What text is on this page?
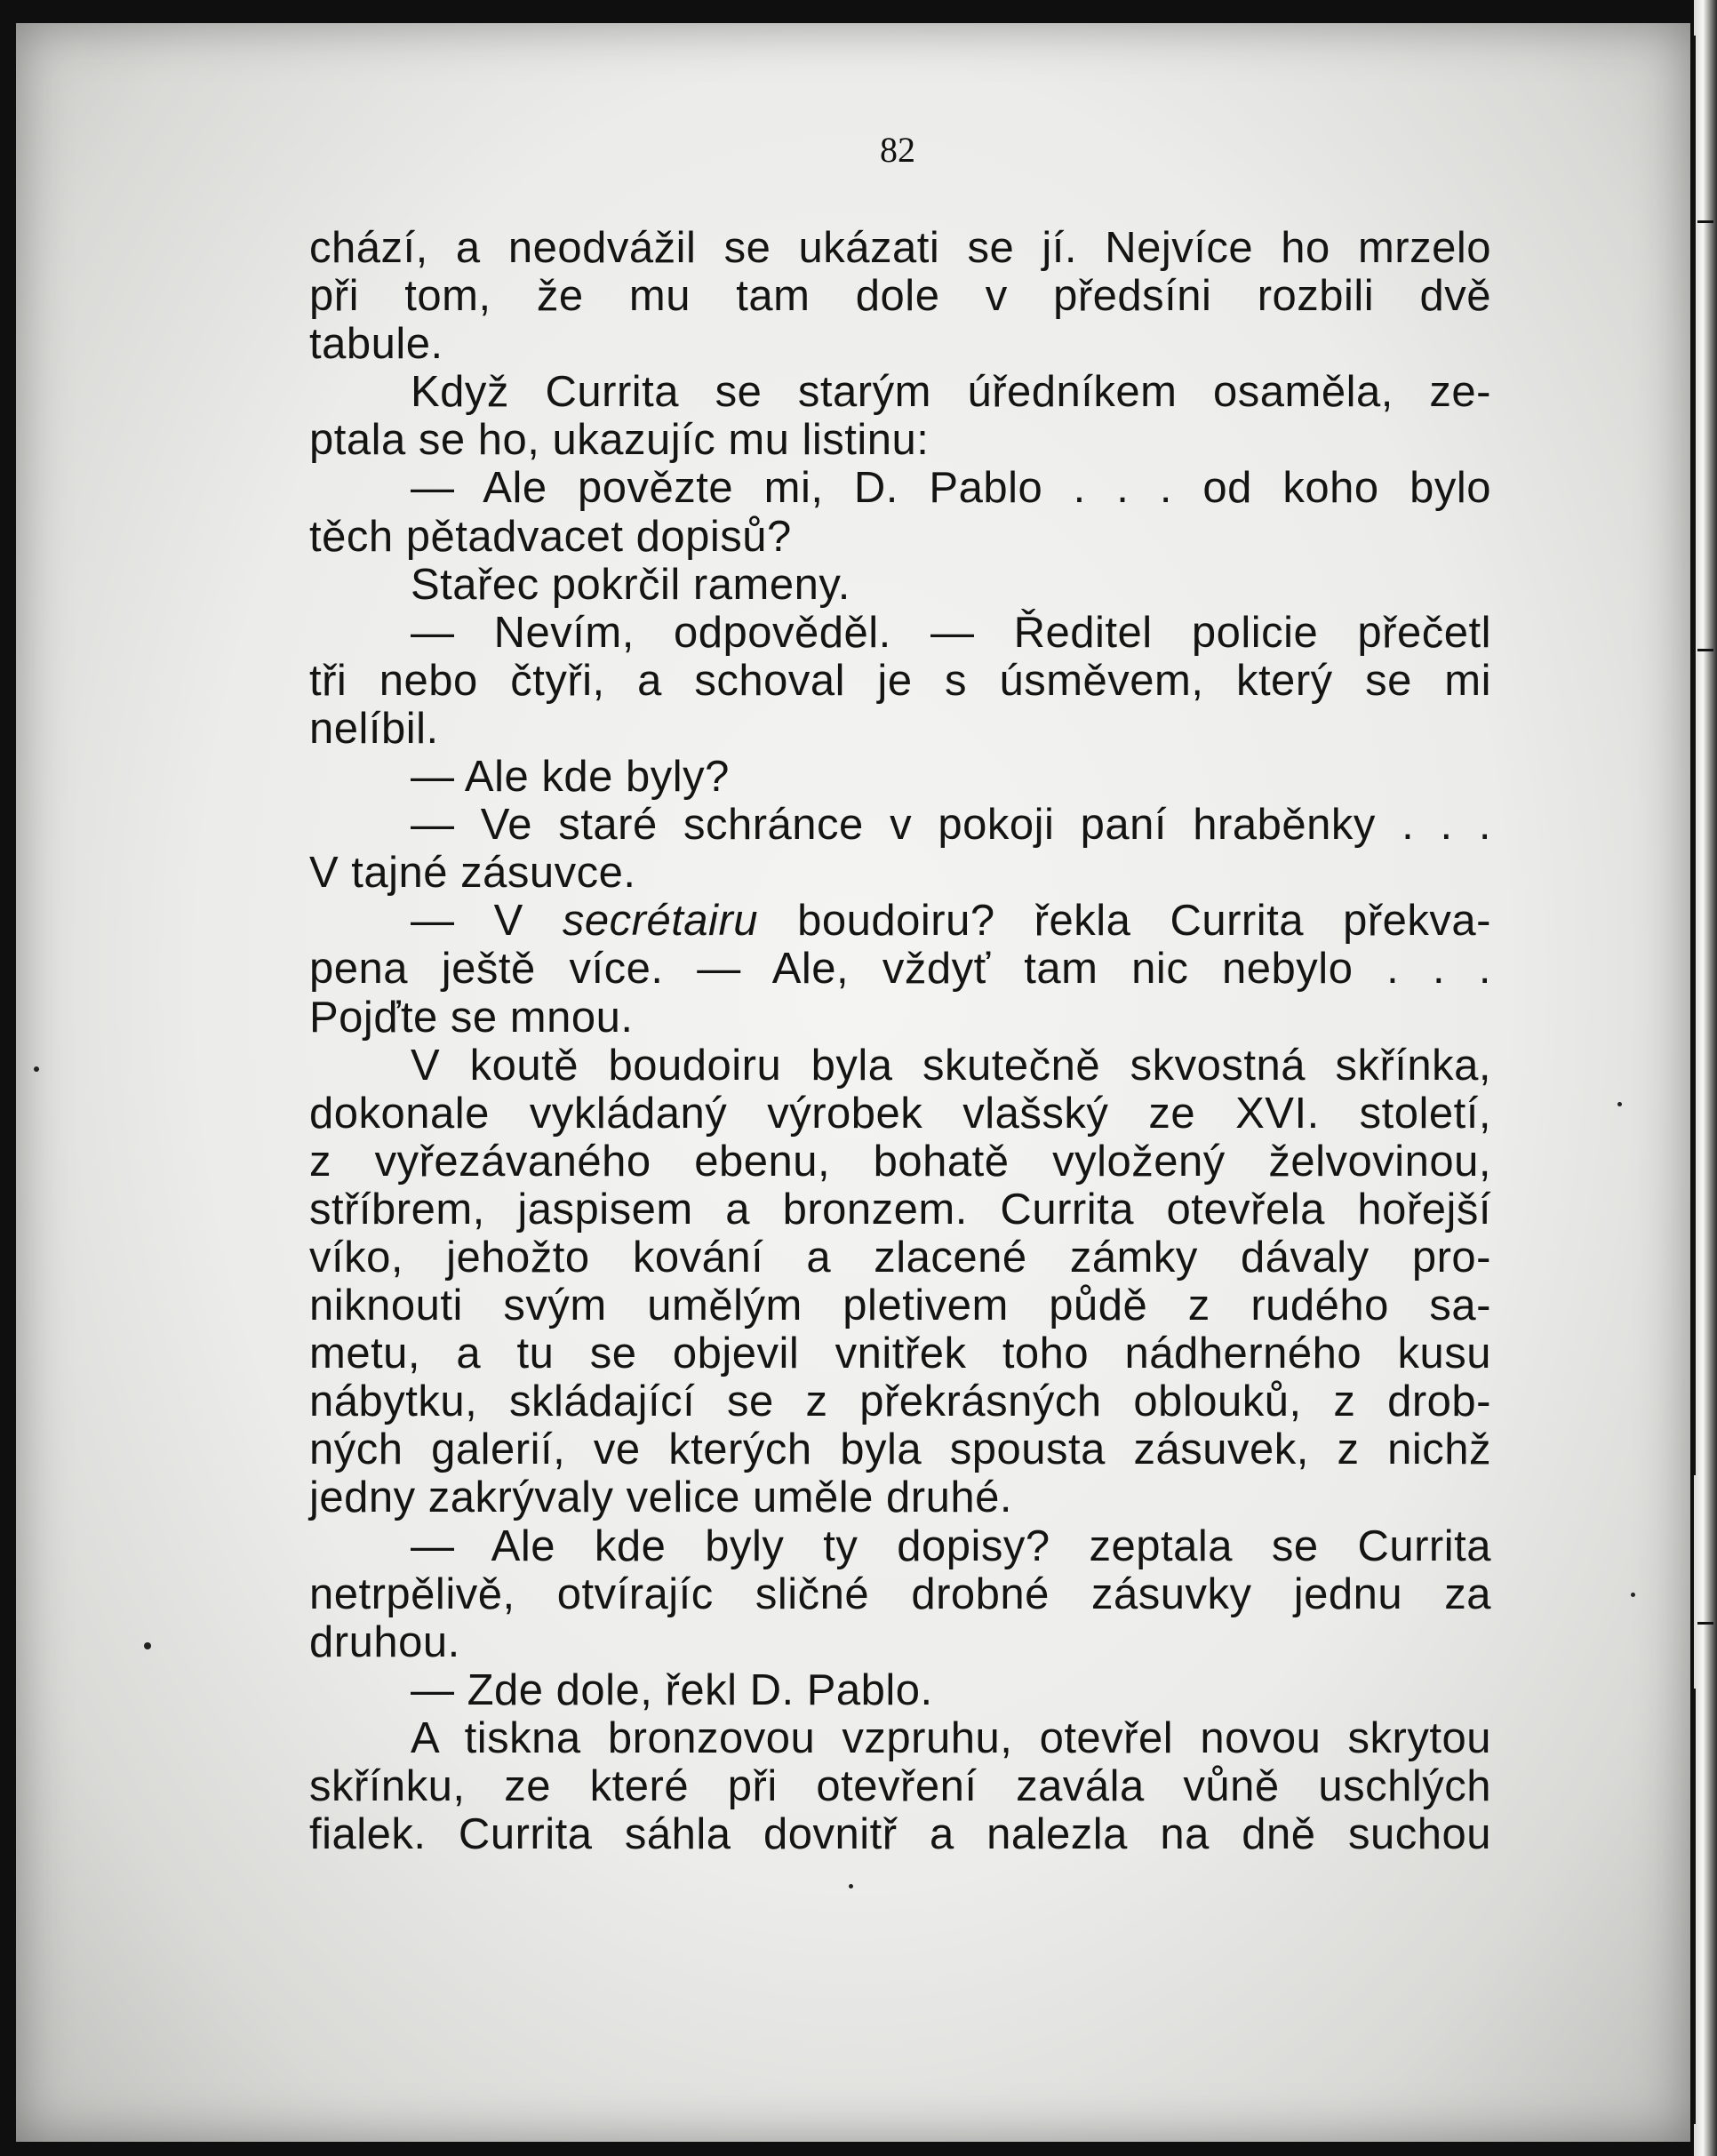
82
chází, a neodvážil se ukázati se jí. Nejvíce ho mrzelo
při tom, že mu tam dole v předsíni rozbili dvě
tabule.
Když Currita se starým úředníkem osaměla, ze-
ptala se ho, ukazujíc mu listinu:
— Ale povězte mi, D. Pablo . . . od koho bylo
těch pětadvacet dopisů?
Stařec pokrčil rameny.
— Nevím, odpověděl. — Ředitel policie přečetl
tři nebo čtyři, a schoval je s úsměvem, který se mi
nelíbil.
— Ale kde byly?
— Ve staré schránce v pokoji paní hraběnky . . .
V tajné zásuvce.
— V secrétairu boudoiru? řekla Currita překva-
pena ještě více. — Ale, vždyť tam nic nebylo . . .
Pojďte se mnou.
V koutě boudoiru byla skutečně skvostná skřínka,
dokonale vykládaný výrobek vlašský ze XVI. století,
z vyřezávaného ebenu, bohatě vyložený želvovinou,
stříbrem, jaspisem a bronzem. Currita otevřela hořejší
víko, jehožto kování a zlacené zámky dávaly pro-
niknouti svým umělým pletivem půdě z rudého sa-
metu, a tu se objevil vnitřek toho nádherného kusu
nábytku, skládající se z překrásných oblouků, z drob-
ných galerií, ve kterých byla spousta zásuvek, z nichž
jedny zakrývaly velice uměle druhé.
— Ale kde byly ty dopisy? zeptala se Currita
netrpělivě, otvírajíc sličné drobné zásuvky jednu za
druhou.
— Zde dole, řekl D. Pablo.
A tiskna bronzovou vzpruhu, otevřel novou skrytou
skřínku, ze které při otevření zavála vůně uschlých
fialek. Currita sáhla dovnitř a nalezla na dně suchou
